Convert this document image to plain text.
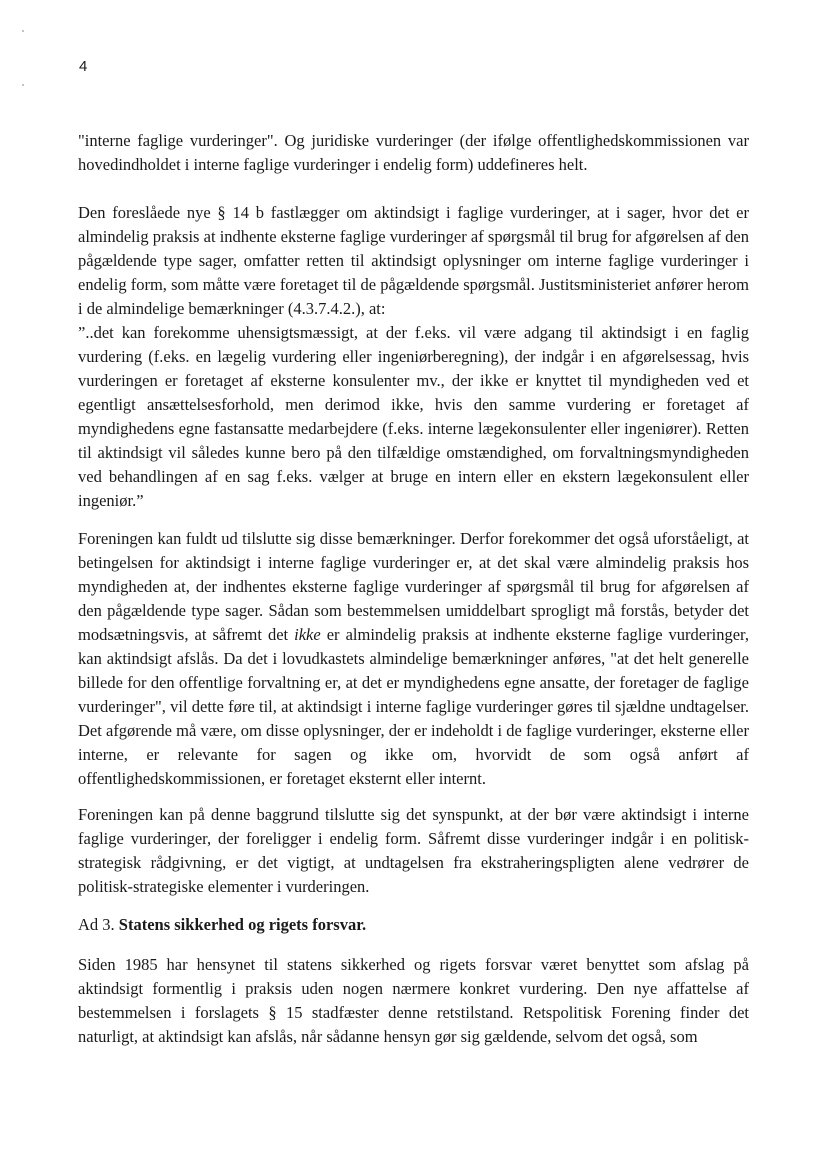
4

"interne faglige vurderinger". Og juridiske vurderinger (der ifølge offentlighedskommissionen var hovedindholdet i interne faglige vurderinger i endelig form) uddefineres helt.

Den foreslåede nye § 14 b fastlægger om aktindsigt i faglige vurderinger, at i sager, hvor det er almindelig praksis at indhente eksterne faglige vurderinger af spørgsmål til brug for afgørelsen af den pågældende type sager, omfatter retten til aktindsigt oplysninger om interne faglige vurderinger i endelig form, som måtte være foretaget til de pågældende spørgsmål. Justitsministeriet anfører herom i de almindelige bemærkninger (4.3.7.4.2.), at:

”..det kan forekomme uhensigtsmæssigt, at der f.eks. vil være adgang til aktindsigt i en faglig vurdering (f.eks. en lægelig vurdering eller ingeniørberegning), der indgår i en afgørelsessag, hvis vurderingen er foretaget af eksterne konsulenter mv., der ikke er knyttet til myndigheden ved et egentligt ansættelsesforhold, men derimod ikke, hvis den samme vurdering er foretaget af myndighedens egne fastansatte medarbejdere (f.eks. interne lægekonsulenter eller ingeniører). Retten til aktindsigt vil således kunne bero på den tilfældige omstændighed, om forvaltningsmyndigheden ved behandlingen af en sag f.eks. vælger at bruge en intern eller en ekstern lægekonsulent eller ingeniør.”

Foreningen kan fuldt ud tilslutte sig disse bemærkninger. Derfor forekommer det også uforståeligt, at betingelsen for aktindsigt i interne faglige vurderinger er, at det skal være almindelig praksis hos myndigheden at, der indhentes eksterne faglige vurderinger af spørgsmål til brug for afgørelsen af den pågældende type sager. Sådan som bestemmelsen umiddelbart sprogligt må forstås, betyder det modsætningsvis, at såfremt det ikke er almindelig praksis at indhente eksterne faglige vurderinger, kan aktindsigt afslås. Da det i lovudkastets almindelige bemærkninger anføres, "at det helt generelle billede for den offentlige forvaltning er, at det er myndighedens egne ansatte, der foretager de faglige vurderinger", vil dette føre til, at aktindsigt i interne faglige vurderinger gøres til sjældne undtagelser. Det afgørende må være, om disse oplysninger, der er indeholdt i de faglige vurderinger, eksterne eller interne, er relevante for sagen og ikke om, hvorvidt de som også anført af offentlighedskommissionen, er foretaget eksternt eller internt.

Foreningen kan på denne baggrund tilslutte sig det synspunkt, at der bør være aktindsigt i interne faglige vurderinger, der foreligger i endelig form. Såfremt disse vurderinger indgår i en politisk-strategisk rådgivning, er det vigtigt, at undtagelsen fra ekstraheringspligten alene vedrører de politisk-strategiske elementer i vurderingen.

Ad 3. Statens sikkerhed og rigets forsvar.

Siden 1985 har hensynet til statens sikkerhed og rigets forsvar været benyttet som afslag på aktindsigt formentlig i praksis uden nogen nærmere konkret vurdering. Den nye affattelse af bestemmelsen i forslagets § 15 stadfæster denne retstilstand. Retspolitisk Forening finder det naturligt, at aktindsigt kan afslås, når sådanne hensyn gør sig gældende, selvom det også, som
